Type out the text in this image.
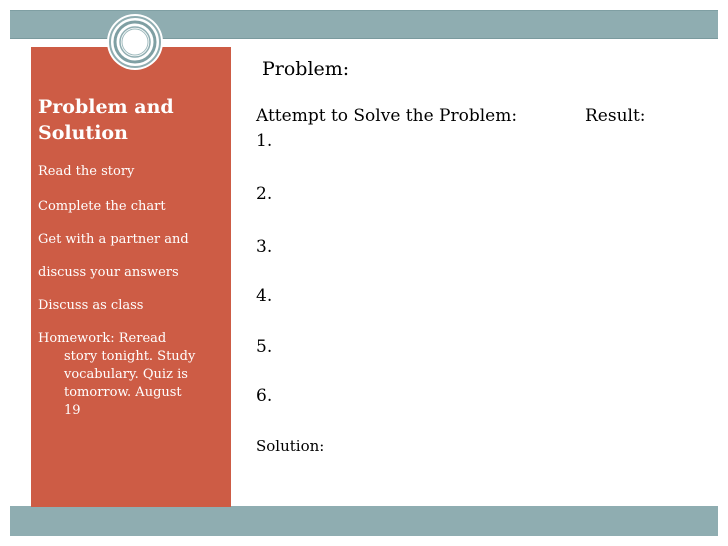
Problem and
Solution
Read the story
Complete the chart
Get with a partner and
discuss your answers
Discuss as class
Homework: Reread
story tonight. Study
vocabulary. Quiz is
tomorrow. August
19
Problem:
Attempt to Solve the Problem:	Result:
1.
2.
3.
4.
5.
6.
Solution:
